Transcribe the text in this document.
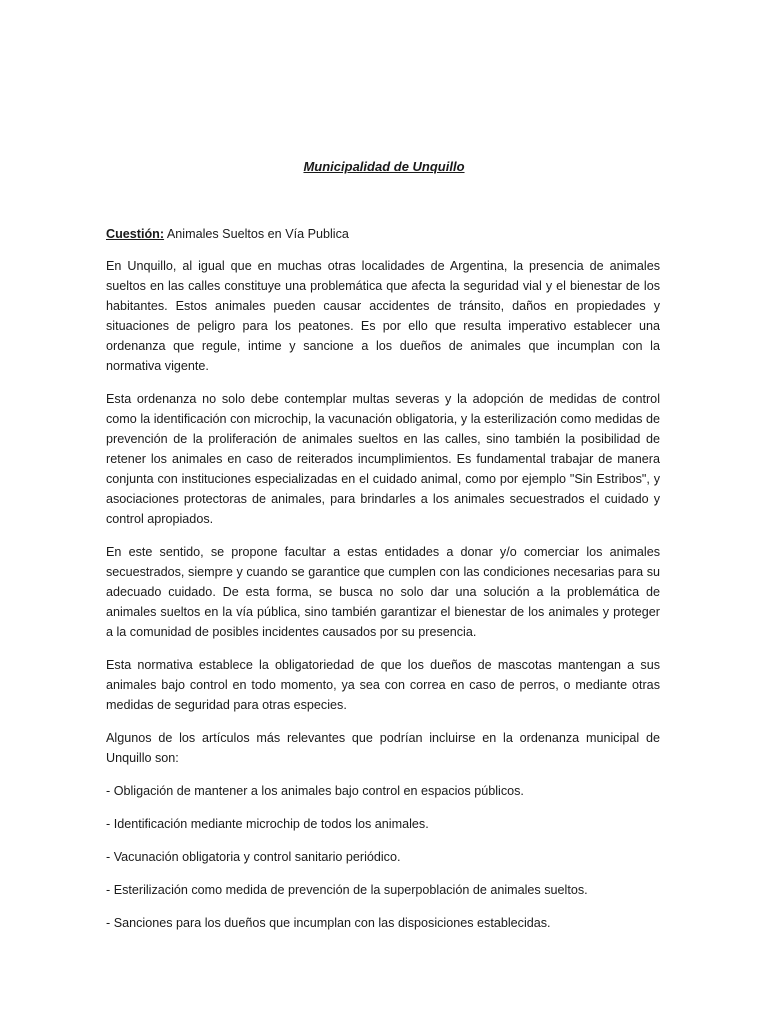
Municipalidad de Unquillo
Cuestión: Animales Sueltos en Vía Publica

En Unquillo, al igual que en muchas otras localidades de Argentina, la presencia de animales sueltos en las calles constituye una problemática que afecta la seguridad vial y el bienestar de los habitantes. Estos animales pueden causar accidentes de tránsito, daños en propiedades y situaciones de peligro para los peatones. Es por ello que resulta imperativo establecer una ordenanza que regule, intime y sancione a los dueños de animales que incumplan con la normativa vigente.

Esta ordenanza no solo debe contemplar multas severas y la adopción de medidas de control como la identificación con microchip, la vacunación obligatoria, y la esterilización como medidas de prevención de la proliferación de animales sueltos en las calles, sino también la posibilidad de retener los animales en caso de reiterados incumplimientos. Es fundamental trabajar de manera conjunta con instituciones especializadas en el cuidado animal, como por ejemplo "Sin Estribos", y asociaciones protectoras de animales, para brindarles a los animales secuestrados el cuidado y control apropiados.

En este sentido, se propone facultar a estas entidades a donar y/o comerciar los animales secuestrados, siempre y cuando se garantice que cumplen con las condiciones necesarias para su adecuado cuidado. De esta forma, se busca no solo dar una solución a la problemática de animales sueltos en la vía pública, sino también garantizar el bienestar de los animales y proteger a la comunidad de posibles incidentes causados por su presencia.

Esta normativa establece la obligatoriedad de que los dueños de mascotas mantengan a sus animales bajo control en todo momento, ya sea con correa en caso de perros, o mediante otras medidas de seguridad para otras especies.

Algunos de los artículos más relevantes que podrían incluirse en la ordenanza municipal de Unquillo son:

- Obligación de mantener a los animales bajo control en espacios públicos.
- Identificación mediante microchip de todos los animales.
- Vacunación obligatoria y control sanitario periódico.
- Esterilización como medida de prevención de la superpoblación de animales sueltos.
- Sanciones para los dueños que incumplan con las disposiciones establecidas.
